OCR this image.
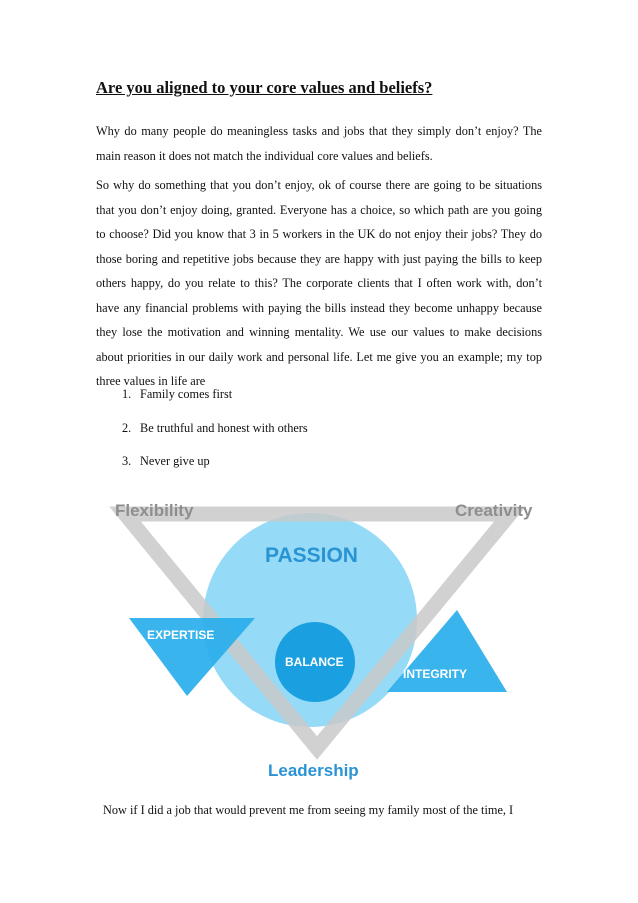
Are you aligned to your core values and beliefs?

Why do many people do meaningless tasks and jobs that they simply don’t enjoy? The main reason it does not match the individual core values and beliefs.

So why do something that you don’t enjoy, ok of course there are going to be situations that you don’t enjoy doing, granted. Everyone has a choice, so which path are you going to choose? Did you know that 3 in 5 workers in the UK do not enjoy their jobs? They do those boring and repetitive jobs because they are happy with just paying the bills to keep others happy, do you relate to this? The corporate clients that I often work with, don’t have any financial problems with paying the bills instead they become unhappy because they lose the motivation and winning mentality. We use our values to make decisions about priorities in our daily work and personal life. Let me give you an example; my top three values in life are

1. Family comes first
2. Be truthful and honest with others
3. Never give up
Flexibility	Creativity
PASSION
EXPERTISE
BALANCE
INTEGRITY
Leadership
Now if I did a job that would prevent me from seeing my family most of the time, I
